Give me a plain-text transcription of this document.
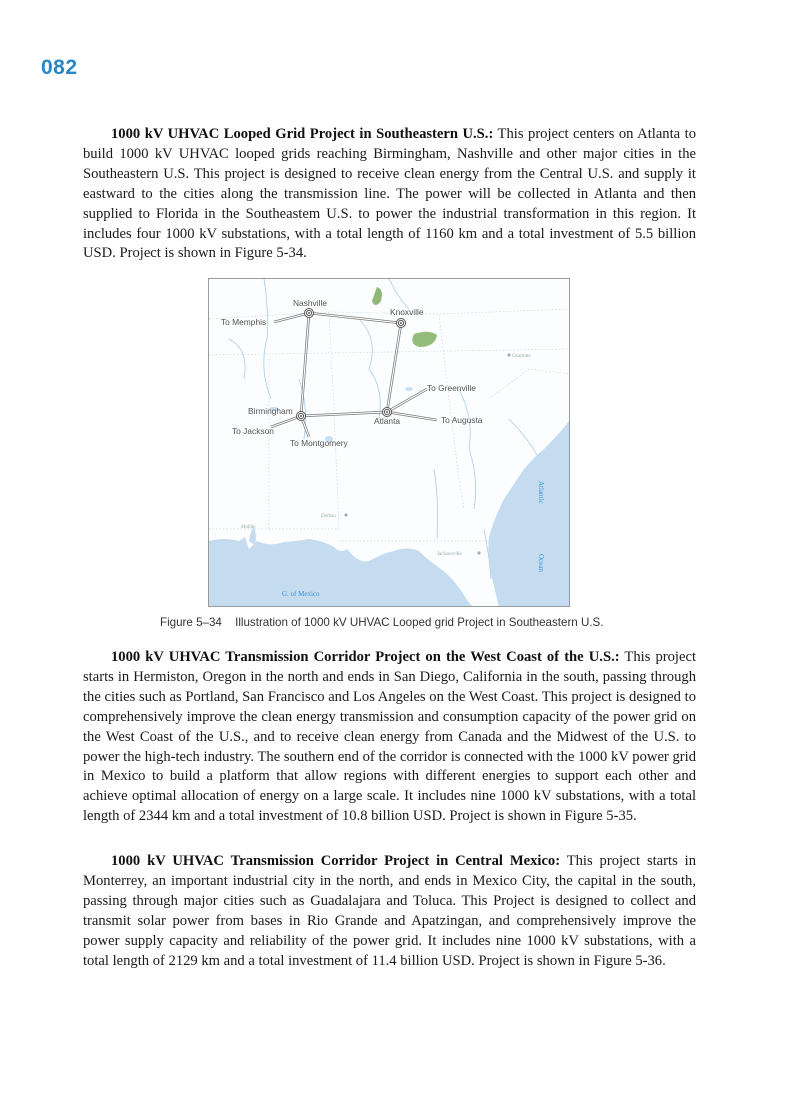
082

1000 kV UHVAC Looped Grid Project in Southeastern U.S.: This project centers on Atlanta to build 1000 kV UHVAC looped grids reaching Birmingham, Nashville and other major cities in the Southeastern U.S. This project is designed to receive clean energy from the Central U.S. and supply it eastward to the cities along the transmission line. The power will be collected in Atlanta and then supplied to Florida in the Southeastem U.S. to power the industrial transformation in this region. It includes four 1000 kV substations, with a total length of 1160 km and a total investment of 5.5 billion USD. Project is shown in Figure 5-34.

Charlotte
Dothan
Mobile
Jacksonville
Nashville
Knoxville
Birmingham
Atlanta
To Memphis
To Jackson
To Montgomery
To Greenville
To Augusta
G. of Mexico
Atlantic
Ocean
Figure 5–34 Illustration of 1000 kV UHVAC Looped grid Project in Southeastern U.S.

1000 kV UHVAC Transmission Corridor Project on the West Coast of the U.S.: This project starts in Hermiston, Oregon in the north and ends in San Diego, California in the south, passing through the cities such as Portland, San Francisco and Los Angeles on the West Coast. This project is designed to comprehensively improve the clean energy transmission and consumption capacity of the power grid on the West Coast of the U.S., and to receive clean energy from Canada and the Midwest of the U.S. to power the high-tech industry. The southern end of the corridor is connected with the 1000 kV power grid in Mexico to build a platform that allow regions with different energies to support each other and achieve optimal allocation of energy on a large scale. It includes nine 1000 kV substations, with a total length of 2344 km and a total investment of 10.8 billion USD. Project is shown in Figure 5-35.

1000 kV UHVAC Transmission Corridor Project in Central Mexico: This project starts in Monterrey, an important industrial city in the north, and ends in Mexico City, the capital in the south, passing through major cities such as Guadalajara and Toluca. This Project is designed to collect and transmit solar power from bases in Rio Grande and Apatzingan, and comprehensively improve the power supply capacity and reliability of the power grid. It includes nine 1000 kV substations, with a total length of 2129 km and a total investment of 11.4 billion USD. Project is shown in Figure 5-36.
